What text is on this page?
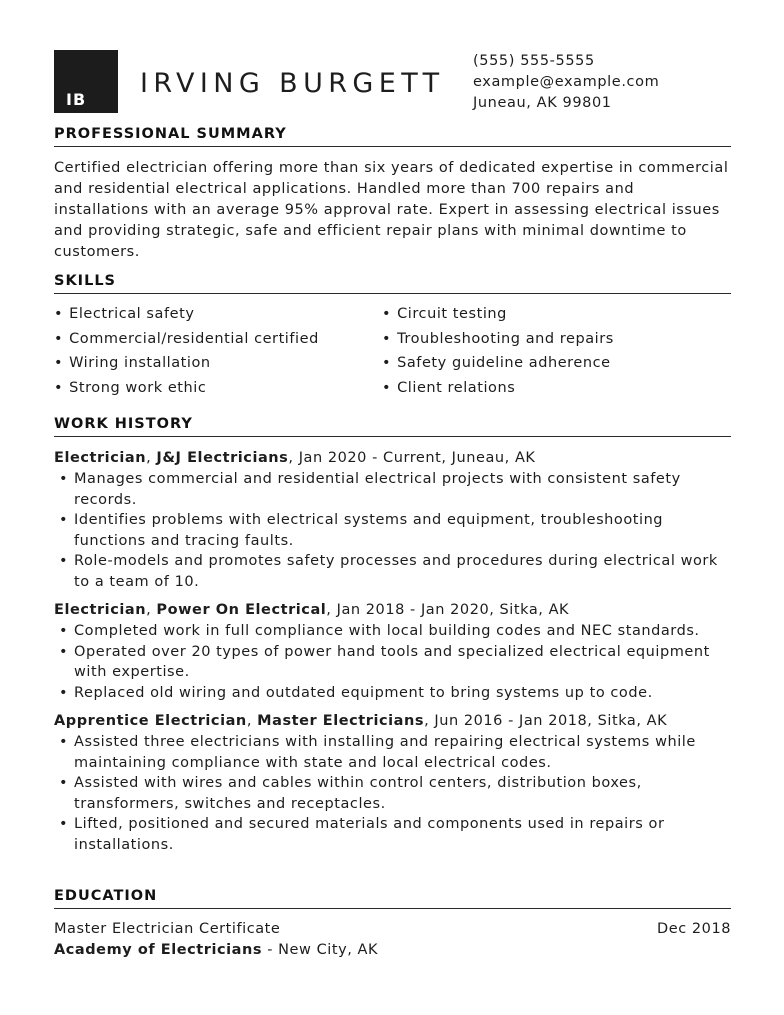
IB
IRVING BURGETT
(555) 555-5555
example@example.com
Juneau, AK 99801
PROFESSIONAL SUMMARY
Certified electrician offering more than six years of dedicated expertise in commercial and residential electrical applications. Handled more than 700 repairs and installations with an average 95% approval rate. Expert in assessing electrical issues and providing strategic, safe and efficient repair plans with minimal downtime to customers.
SKILLS
• Electrical safety
• Commercial/residential certified
• Wiring installation
• Strong work ethic
• Circuit testing
• Troubleshooting and repairs
• Safety guideline adherence
• Client relations
WORK HISTORY
Electrician, J&J Electricians, Jan 2020 - Current, Juneau, AK
• Manages commercial and residential electrical projects with consistent safety records.
• Identifies problems with electrical systems and equipment, troubleshooting functions and tracing faults.
• Role-models and promotes safety processes and procedures during electrical work to a team of 10.
Electrician, Power On Electrical, Jan 2018 - Jan 2020, Sitka, AK
• Completed work in full compliance with local building codes and NEC standards.
• Operated over 20 types of power hand tools and specialized electrical equipment with expertise.
• Replaced old wiring and outdated equipment to bring systems up to code.
Apprentice Electrician, Master Electricians, Jun 2016 - Jan 2018, Sitka, AK
• Assisted three electricians with installing and repairing electrical systems while maintaining compliance with state and local electrical codes.
• Assisted with wires and cables within control centers, distribution boxes, transformers, switches and receptacles.
• Lifted, positioned and secured materials and components used in repairs or installations.
EDUCATION
Master Electrician Certificate	Dec 2018
Academy of Electricians - New City, AK
